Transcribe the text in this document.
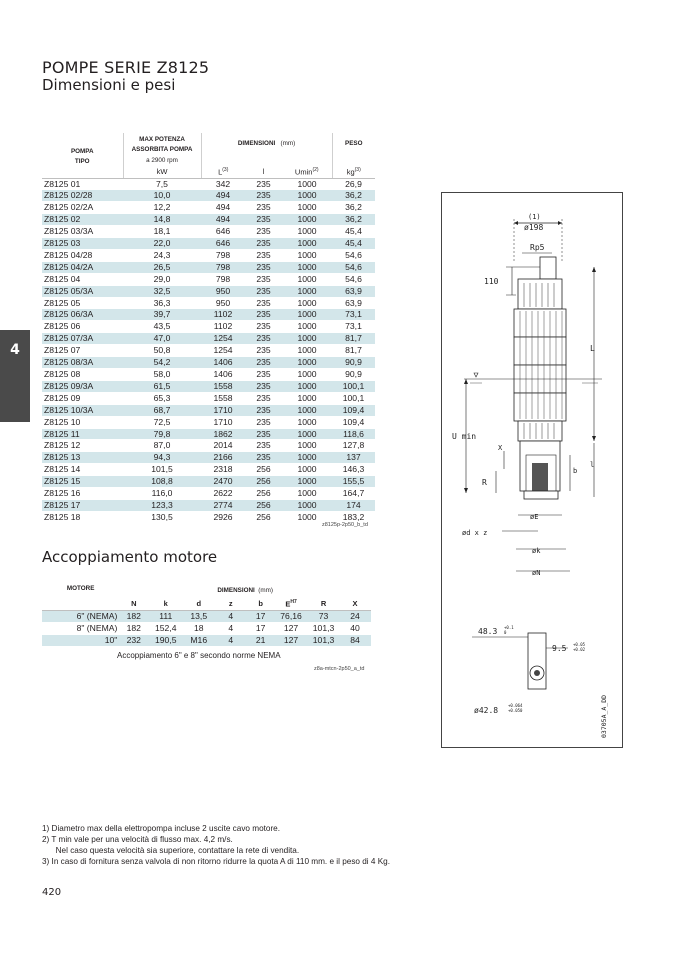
POMPE SERIE Z8125
Dimensioni e pesi
4
POMPA
TIPO	MAX POTENZA	DIMENSIONI (mm)			PESO
	ASSORBITA POMPA				
	a 2900 rpm				
	kW	$L^{(3)}$	l	Umin$^{(2)}$	$kg^{(3)}$
Z8125 01	7,5	342	235	1000	26,9
Z8125 02/28	10,0	494	235	1000	36,2
Z8125 02/2A	12,2	494	235	1000	36,2
Z8125 02	14,8	494	235	1000	36,2
Z8125 03/3A	18,1	646	235	1000	45,4
Z8125 03	22,0	646	235	1000	45,4
Z8125 04/28	24,3	798	235	1000	54,6
Z8125 04/2A	26,5	798	235	1000	54,6
Z8125 04	29,0	798	235	1000	54,6
Z8125 05/3A	32,5	950	235	1000	63,9
Z8125 05	36,3	950	235	1000	63,9
Z8125 06/3A	39,7	1102	235	1000	73,1
Z8125 06	43,5	1102	235	1000	73,1
Z8125 07/3A	47,0	1254	235	1000	81,7
Z8125 07	50,8	1254	235	1000	81,7
Z8125 08/3A	54,2	1406	235	1000	90,9
Z8125 08	58,0	1406	235	1000	90,9
Z8125 09/3A	61,5	1558	235	1000	100,1
Z8125 09	65,3	1558	235	1000	100,1
Z8125 10/3A	68,7	1710	235	1000	109,4
Z8125 10	72,5	1710	235	1000	109,4
Z8125 11	79,8	1862	235	1000	118,6
Z8125 12	87,0	2014	235	1000	127,8
Z8125 13	94,3	2166	235	1000	137
Z8125 14	101,5	2318	256	1000	146,3
Z8125 15	108,8	2470	256	1000	155,5
Z8125 16	116,0	2622	256	1000	164,7
Z8125 17	123,3	2774	256	1000	174
Z8125 18	130,5	2926	256	1000	183,2
z8125p-2p50_b_td
Accoppiamento motore
MOTORE	DIMENSIONI (mm)							
	N	k	d	z	b	$E^{H7}$	R	X
6" (NEMA)	182	111	13,5	4	17	76,16	73	24
8" (NEMA)	182	152,4	18	4	17	127	101,3	40
10"	232	190,5	M16	4	21	127	101,3	84
Accoppiamento 6" e 8" secondo norme NEMA
z8a-mtcn-2p50_a_td
(1)
ø198
Rp5
110
L
U min
X
b
l
R
øE
ød x z
øk
øN
48.3 +0.1
0
9.5 +0.05
+0.02
ø42.8
+0.064
+0.050	03705A_A_DD
1) Diametro max della elettropompa incluse 2 uscite cavo motore.
2) T min vale per una velocità di flusso max. 4,2 m/s.
Nel caso questa velocità sia superiore, contattare la rete di vendita.
3) In caso di fornitura senza valvola di non ritorno ridurre la quota A di 110 mm. e il peso di 4 Kg.
420
